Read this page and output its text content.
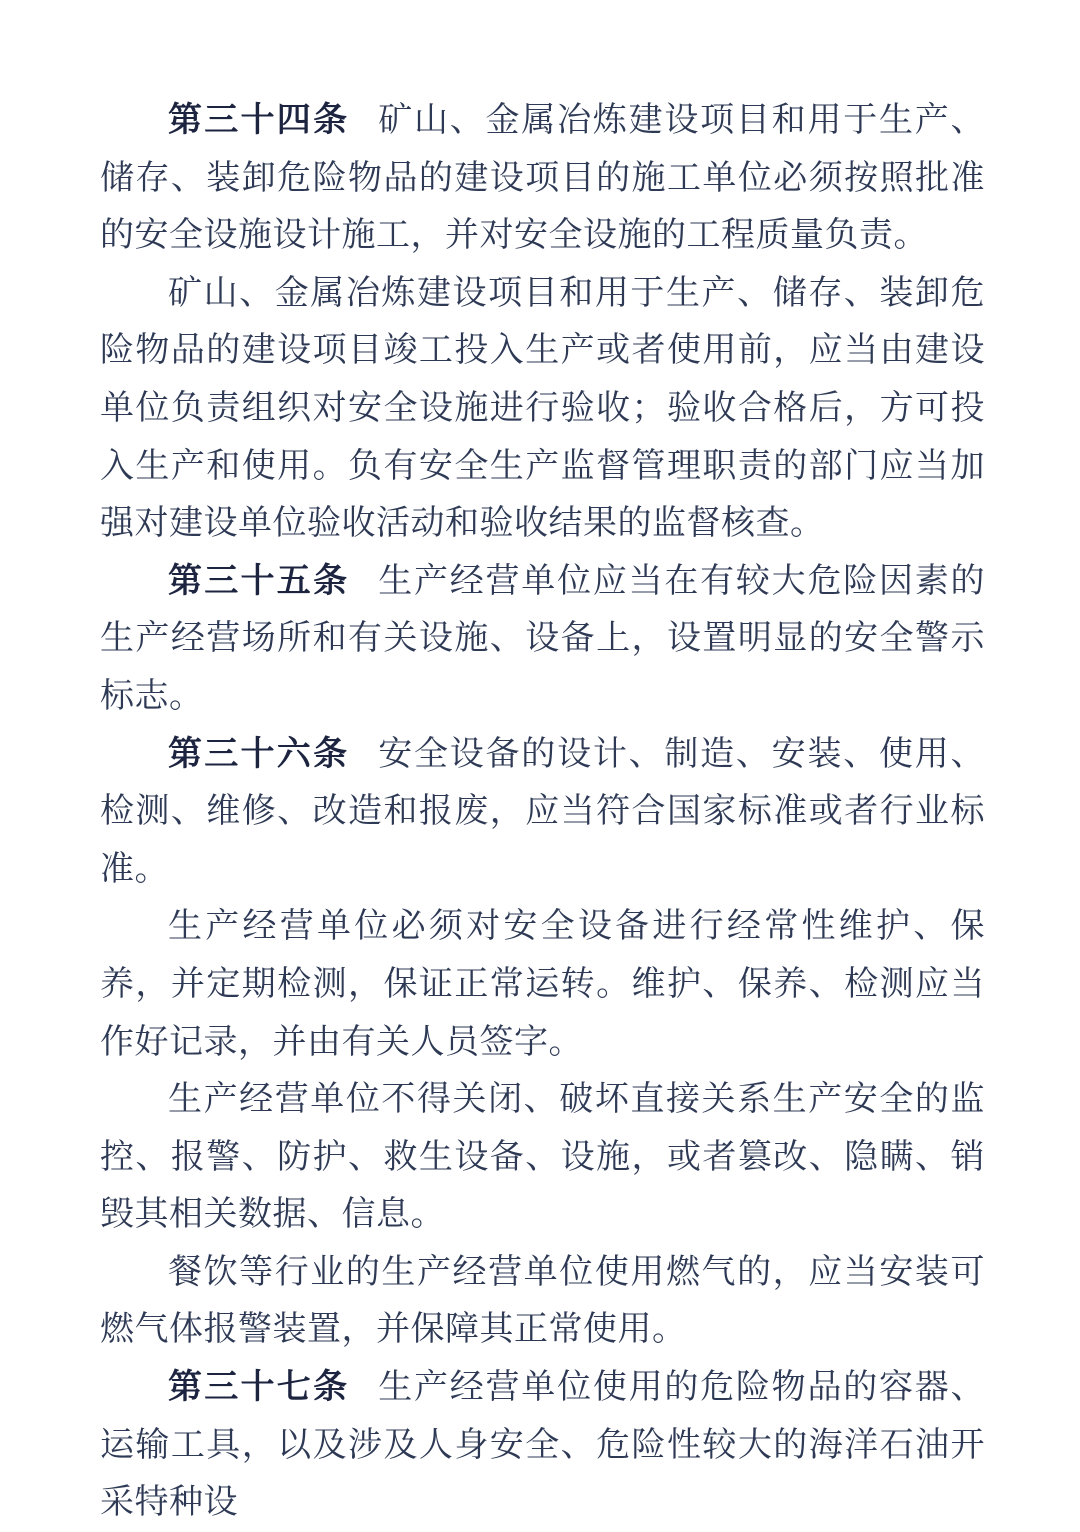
第三十四条 矿山、金属冶炼建设项目和用于生产、储存、装卸危险物品的建设项目的施工单位必须按照批准的安全设施设计施工，并对安全设施的工程质量负责。

矿山、金属冶炼建设项目和用于生产、储存、装卸危险物品的建设项目竣工投入生产或者使用前，应当由建设单位负责组织对安全设施进行验收；验收合格后，方可投入生产和使用。负有安全生产监督管理职责的部门应当加强对建设单位验收活动和验收结果的监督核查。

第三十五条 生产经营单位应当在有较大危险因素的生产经营场所和有关设施、设备上，设置明显的安全警示标志。

第三十六条 安全设备的设计、制造、安装、使用、检测、维修、改造和报废，应当符合国家标准或者行业标准。

生产经营单位必须对安全设备进行经常性维护、保养，并定期检测，保证正常运转。维护、保养、检测应当作好记录，并由有关人员签字。

生产经营单位不得关闭、破坏直接关系生产安全的监控、报警、防护、救生设备、设施，或者篡改、隐瞒、销毁其相关数据、信息。

餐饮等行业的生产经营单位使用燃气的，应当安装可燃气体报警装置，并保障其正常使用。

第三十七条 生产经营单位使用的危险物品的容器、运输工具，以及涉及人身安全、危险性较大的海洋石油开采特种设
